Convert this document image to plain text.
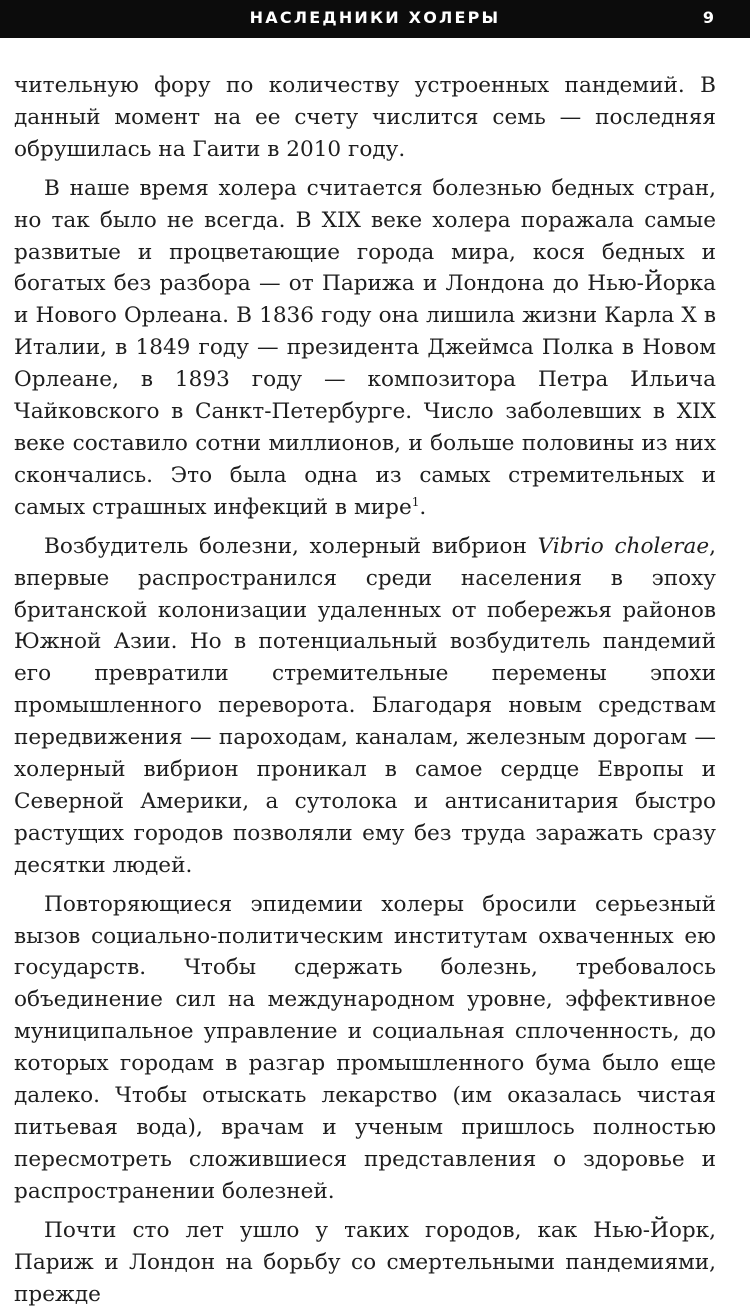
НАСЛЕДНИКИ ХОЛЕРЫ	9

чительную фору по количеству устроенных пандемий. В данный момент на ее счету числится семь — последняя обрушилась на Гаити в 2010 году.

В наше время холера считается болезнью бедных стран, но так было не всегда. В XIX веке холера поражала самые развитые и процветающие города мира, кося бедных и богатых без разбора — от Парижа и Лондона до Нью-Йорка и Нового Орлеана. В 1836 году она лишила жизни Карла X в Италии, в 1849 году — президента Джеймса Полка в Новом Орлеане, в 1893 году — композитора Петра Ильича Чайковского в Санкт-Петербурге. Число заболевших в XIX веке составило сотни миллионов, и больше половины из них скончались. Это была одна из самых стремительных и самых страшных инфекций в мире$^1$.

Возбудитель болезни, холерный вибрион Vibrio cholerae, впервые распространился среди населения в эпоху британской колонизации удаленных от побережья районов Южной Азии. Но в потенциальный возбудитель пандемий его превратили стремительные перемены эпохи промышленного переворота. Благодаря новым средствам передвижения — пароходам, каналам, железным дорогам — холерный вибрион проникал в самое сердце Европы и Северной Америки, а сутолока и антисанитария быстро растущих городов позволяли ему без труда заражать сразу десятки людей.

Повторяющиеся эпидемии холеры бросили серьезный вызов социально-политическим институтам охваченных ею государств. Чтобы сдержать болезнь, требовалось объединение сил на международном уровне, эффективное муниципальное управление и социальная сплоченность, до которых городам в разгар промышленного бума было еще далеко. Чтобы отыскать лекарство (им оказалась чистая питьевая вода), врачам и ученым пришлось полностью пересмотреть сложившиеся представления о здоровье и распространении болезней.

Почти сто лет ушло у таких городов, как Нью-Йорк, Париж и Лондон на борьбу со смертельными пандемиями, прежде
